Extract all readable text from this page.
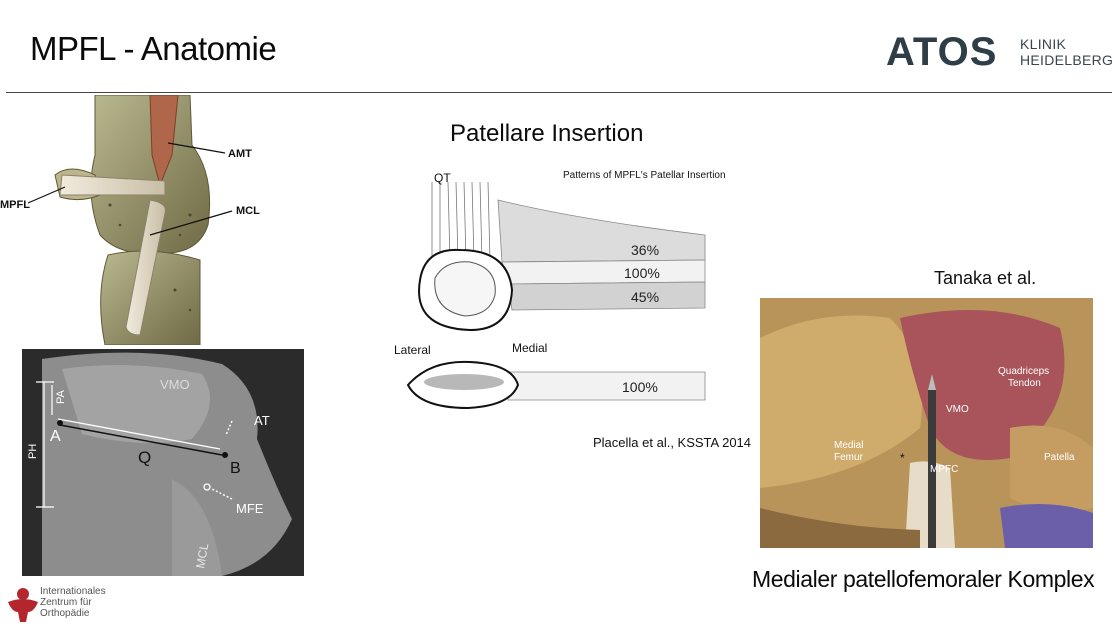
MPFL - Anatomie	ATOS KLINIK
HEIDELBERG
AMT
MPFL	MCL
VMO
PA
PH
A
Q
B
AT
MFE
MCL
Patellare Insertion
QT	Patterns of MPFL's Patellar Insertion
36%
100%
45%
Lateral	Medial
100%
Placella et al., KSSTA 2014
Tanaka et al.
Quadriceps
Tendon
VMO
Medial
Femur	*
MPFC
Patella
Medialer patellofemoraler Komplex
Internationales
Zentrum für
Orthopädie
